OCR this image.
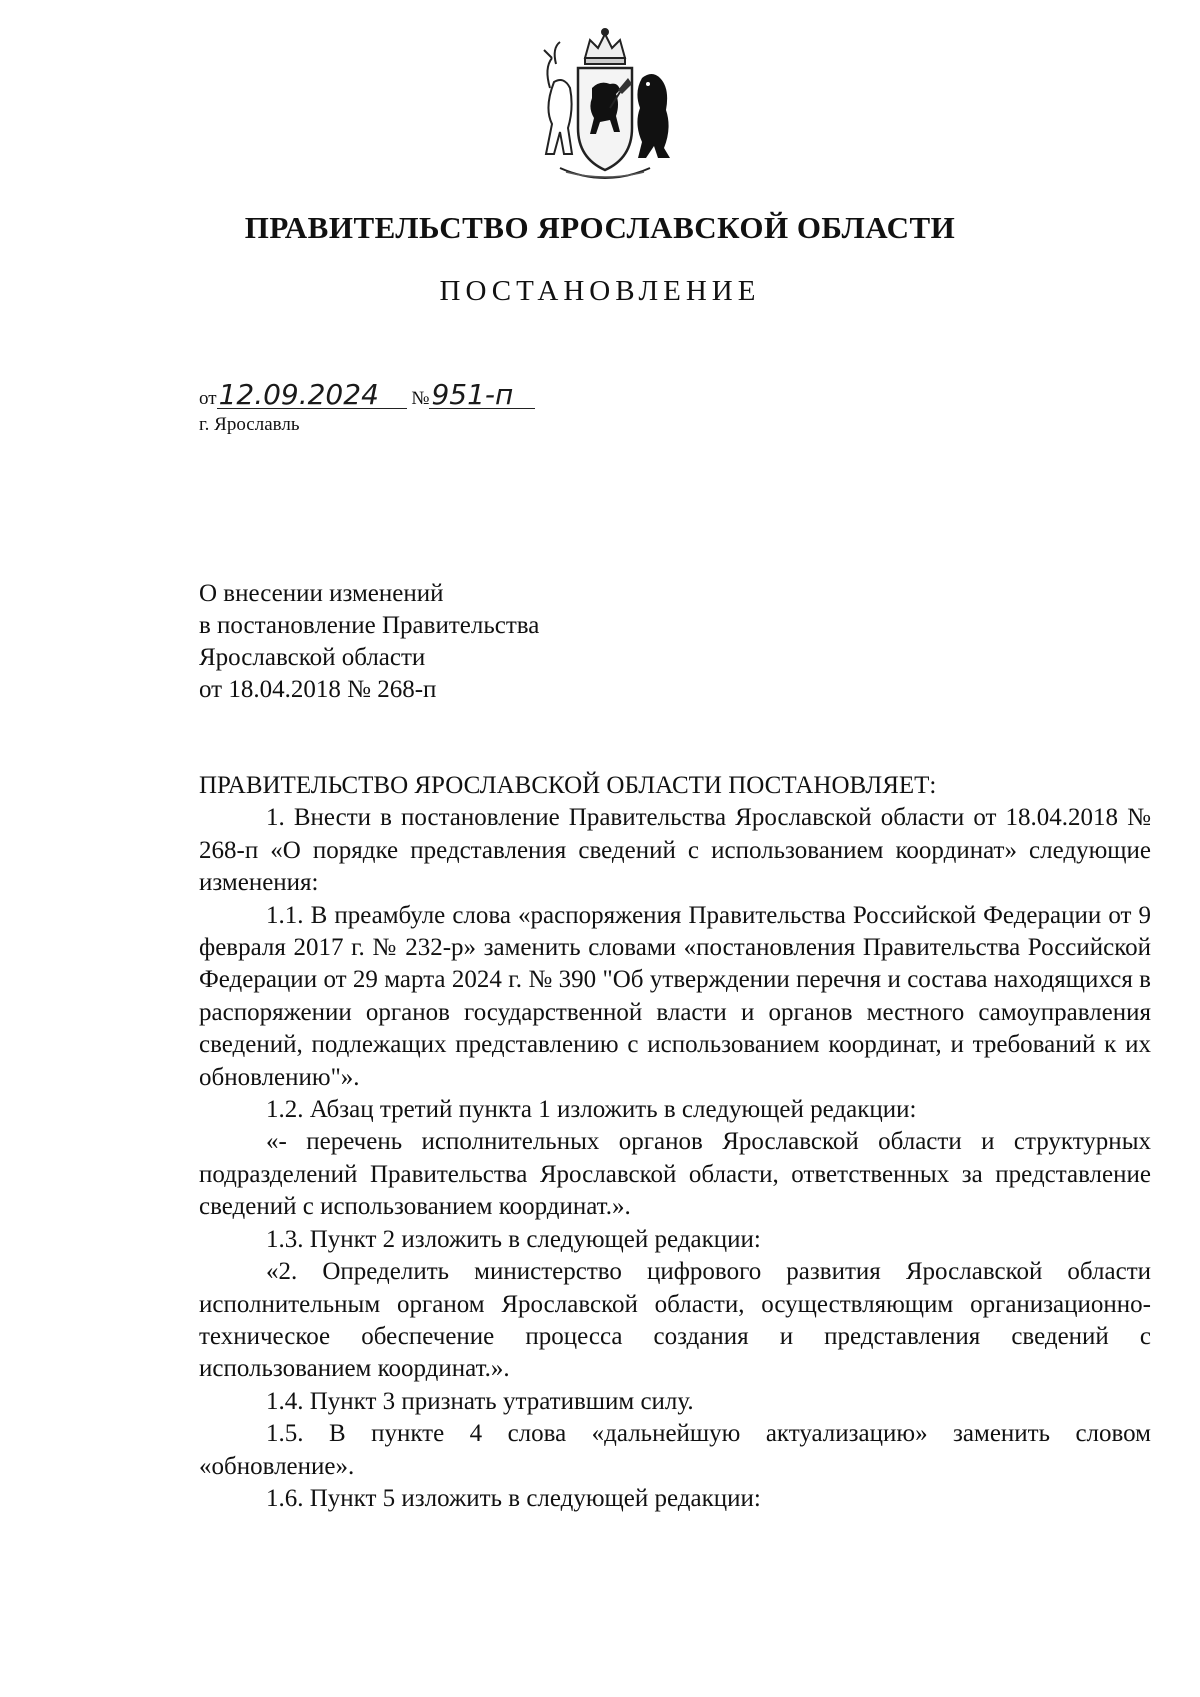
ПРАВИТЕЛЬСТВО ЯРОСЛАВСКОЙ ОБЛАСТИ
ПОСТАНОВЛЕНИЕ
от12.09.2024 №951-п
г. Ярославль
О внесении изменений
в постановление Правительства
Ярославской области
от 18.04.2018 № 268-п

ПРАВИТЕЛЬСТВО ЯРОСЛАВСКОЙ ОБЛАСТИ ПОСТАНОВЛЯЕТ:

1. Внести в постановление Правительства Ярославской области от 18.04.2018 № 268-п «О порядке представления сведений с использованием координат» следующие изменения:

1.1. В преамбуле слова «распоряжения Правительства Российской Федерации от 9 февраля 2017 г. № 232-р» заменить словами «постановления Правительства Российской Федерации от 29 марта 2024 г. № 390 "Об утверждении перечня и состава находящихся в распоряжении органов государственной власти и органов местного самоуправления сведений, подлежащих представлению с использованием координат, и требований к их обновлению"».

1.2. Абзац третий пункта 1 изложить в следующей редакции:

«- перечень исполнительных органов Ярославской области и структурных подразделений Правительства Ярославской области, ответственных за представление сведений с использованием координат.».

1.3. Пункт 2 изложить в следующей редакции:

«2. Определить министерство цифрового развития Ярославской области исполнительным органом Ярославской области, осуществляющим организационно-техническое обеспечение процесса создания и представления сведений с использованием координат.».

1.4. Пункт 3 признать утратившим силу.

1.5. В пункте 4 слова «дальнейшую актуализацию» заменить словом «обновление».

1.6. Пункт 5 изложить в следующей редакции:
